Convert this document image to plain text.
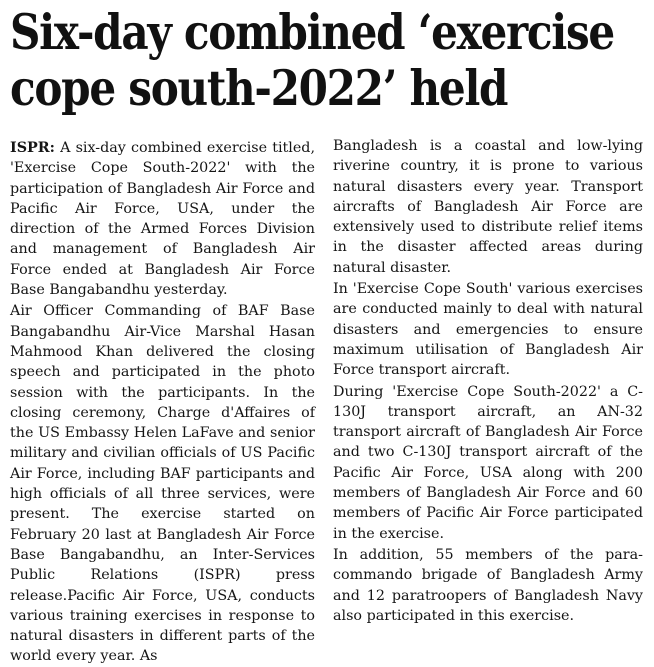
Six-day combined ‘exercise
cope south-2022’ held

ISPR: A six-day combined exercise titled, 'Exercise Cope South-2022' with the participation of Bangladesh Air Force and Pacific Air Force, USA, under the direction of the Armed Forces Division and management of Bangladesh Air Force ended at Bangladesh Air Force Base Bangabandhu yesterday.

Air Officer Commanding of BAF Base Bangabandhu Air-Vice Marshal Hasan Mahmood Khan delivered the closing speech and participated in the photo session with the participants. In the closing ceremony, Charge d'Affaires of the US Embassy Helen LaFave and senior military and civilian officials of US Pacific Air Force, including BAF participants and high officials of all three services, were present. The exercise started on February 20 last at Bangladesh Air Force Base Bangabandhu, an Inter-Services Public Relations (ISPR) press release.Pacific Air Force, USA, conducts various training exercises in response to natural disasters in different parts of the world every year. As

Bangladesh is a coastal and low-lying riverine country, it is prone to various natural disasters every year. Transport aircrafts of Bangladesh Air Force are extensively used to distribute relief items in the disaster affected areas during natural disaster.

In 'Exercise Cope South' various exercises are conducted mainly to deal with natural disasters and emergencies to ensure maximum utilisation of Bangladesh Air Force transport aircraft.

During 'Exercise Cope South-2022' a C-130J transport aircraft, an AN-32 transport aircraft of Bangladesh Air Force and two C-130J transport aircraft of the Pacific Air Force, USA along with 200 members of Bangladesh Air Force and 60 members of Pacific Air Force participated in the exercise.

In addition, 55 members of the para-commando brigade of Bangladesh Army and 12 paratroopers of Bangladesh Navy also participated in this exercise.
